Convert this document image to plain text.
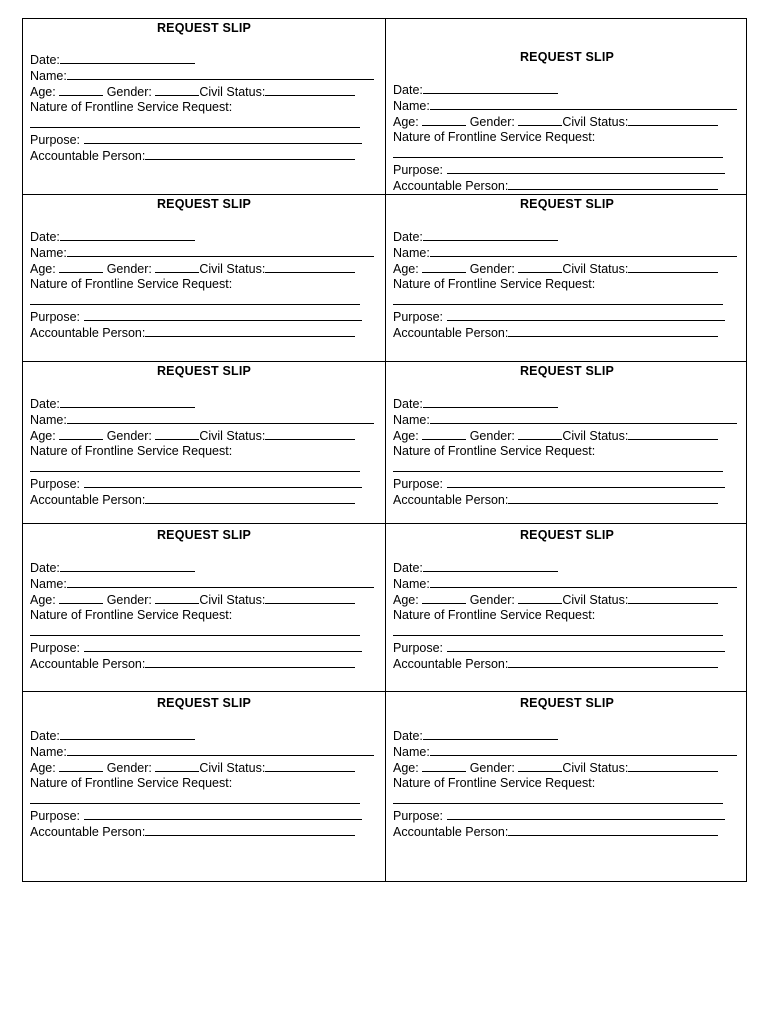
REQUEST SLIP
Date:
Name:
Age:	Gender:	Civil Status:
Nature of Frontline Service Request:
Purpose:
Accountable Person:
REQUEST SLIP
Date:
Name:
Age:	Gender:	Civil Status:
Nature of Frontline Service Request:
Purpose:
Accountable Person:
REQUEST SLIP
Date:
Name:
Age:	Gender:	Civil Status:
Nature of Frontline Service Request:
Purpose:
Accountable Person:
REQUEST SLIP
Date:
Name:
Age:	Gender:	Civil Status:
Nature of Frontline Service Request:
Purpose:
Accountable Person:
REQUEST SLIP
Date:
Name:
Age:	Gender:	Civil Status:
Nature of Frontline Service Request:
Purpose:
Accountable Person:
REQUEST SLIP
Date:
Name:
Age:	Gender:	Civil Status:
Nature of Frontline Service Request:
Purpose:
Accountable Person:
REQUEST SLIP
Date:
Name:
Age:	Gender:	Civil Status:
Nature of Frontline Service Request:
Purpose:
Accountable Person:
REQUEST SLIP
Date:
Name:
Age:	Gender:	Civil Status:
Nature of Frontline Service Request:
Purpose:
Accountable Person:
REQUEST SLIP
Date:
Name:
Age:	Gender:	Civil Status:
Nature of Frontline Service Request:
Purpose:
Accountable Person:
REQUEST SLIP
Date:
Name:
Age:	Gender:	Civil Status:
Nature of Frontline Service Request:
Purpose:
Accountable Person:
